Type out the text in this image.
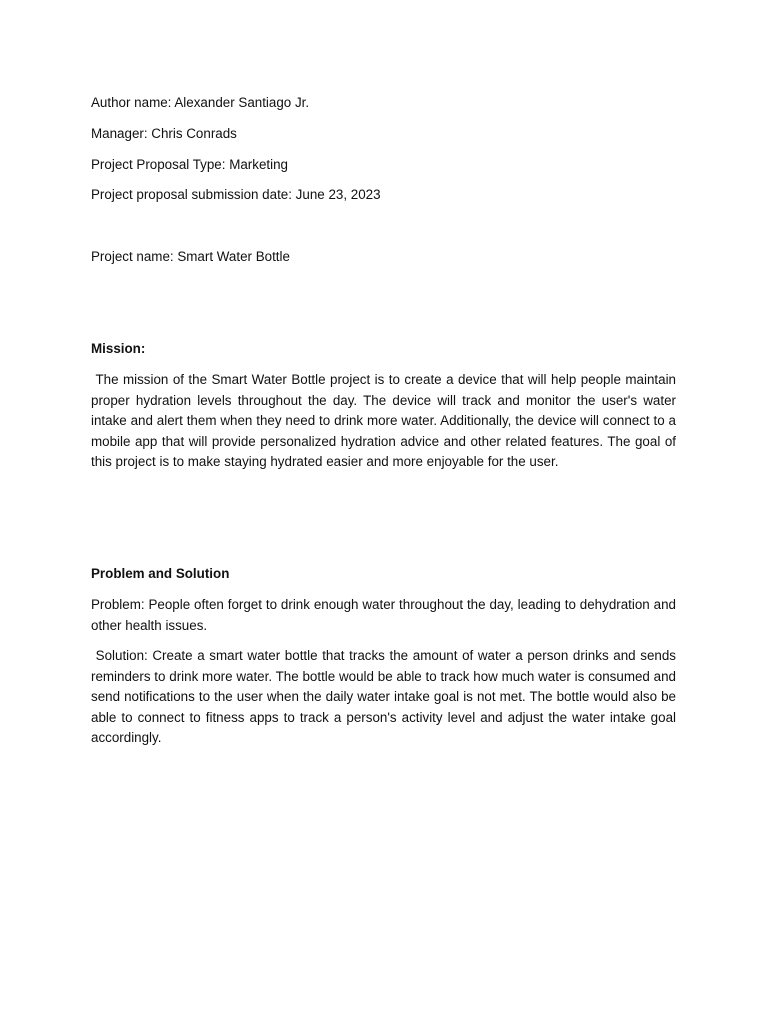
Author name: Alexander Santiago Jr.
Manager: Chris Conrads
Project Proposal Type: Marketing
Project proposal submission date: June 23, 2023
Project name: Smart Water Bottle
Mission:
The mission of the Smart Water Bottle project is to create a device that will help people maintain proper hydration levels throughout the day. The device will track and monitor the user's water intake and alert them when they need to drink more water. Additionally, the device will connect to a mobile app that will provide personalized hydration advice and other related features. The goal of this project is to make staying hydrated easier and more enjoyable for the user.
Problem and Solution
Problem: People often forget to drink enough water throughout the day, leading to dehydration and other health issues.
Solution: Create a smart water bottle that tracks the amount of water a person drinks and sends reminders to drink more water. The bottle would be able to track how much water is consumed and send notifications to the user when the daily water intake goal is not met. The bottle would also be able to connect to fitness apps to track a person's activity level and adjust the water intake goal accordingly.
